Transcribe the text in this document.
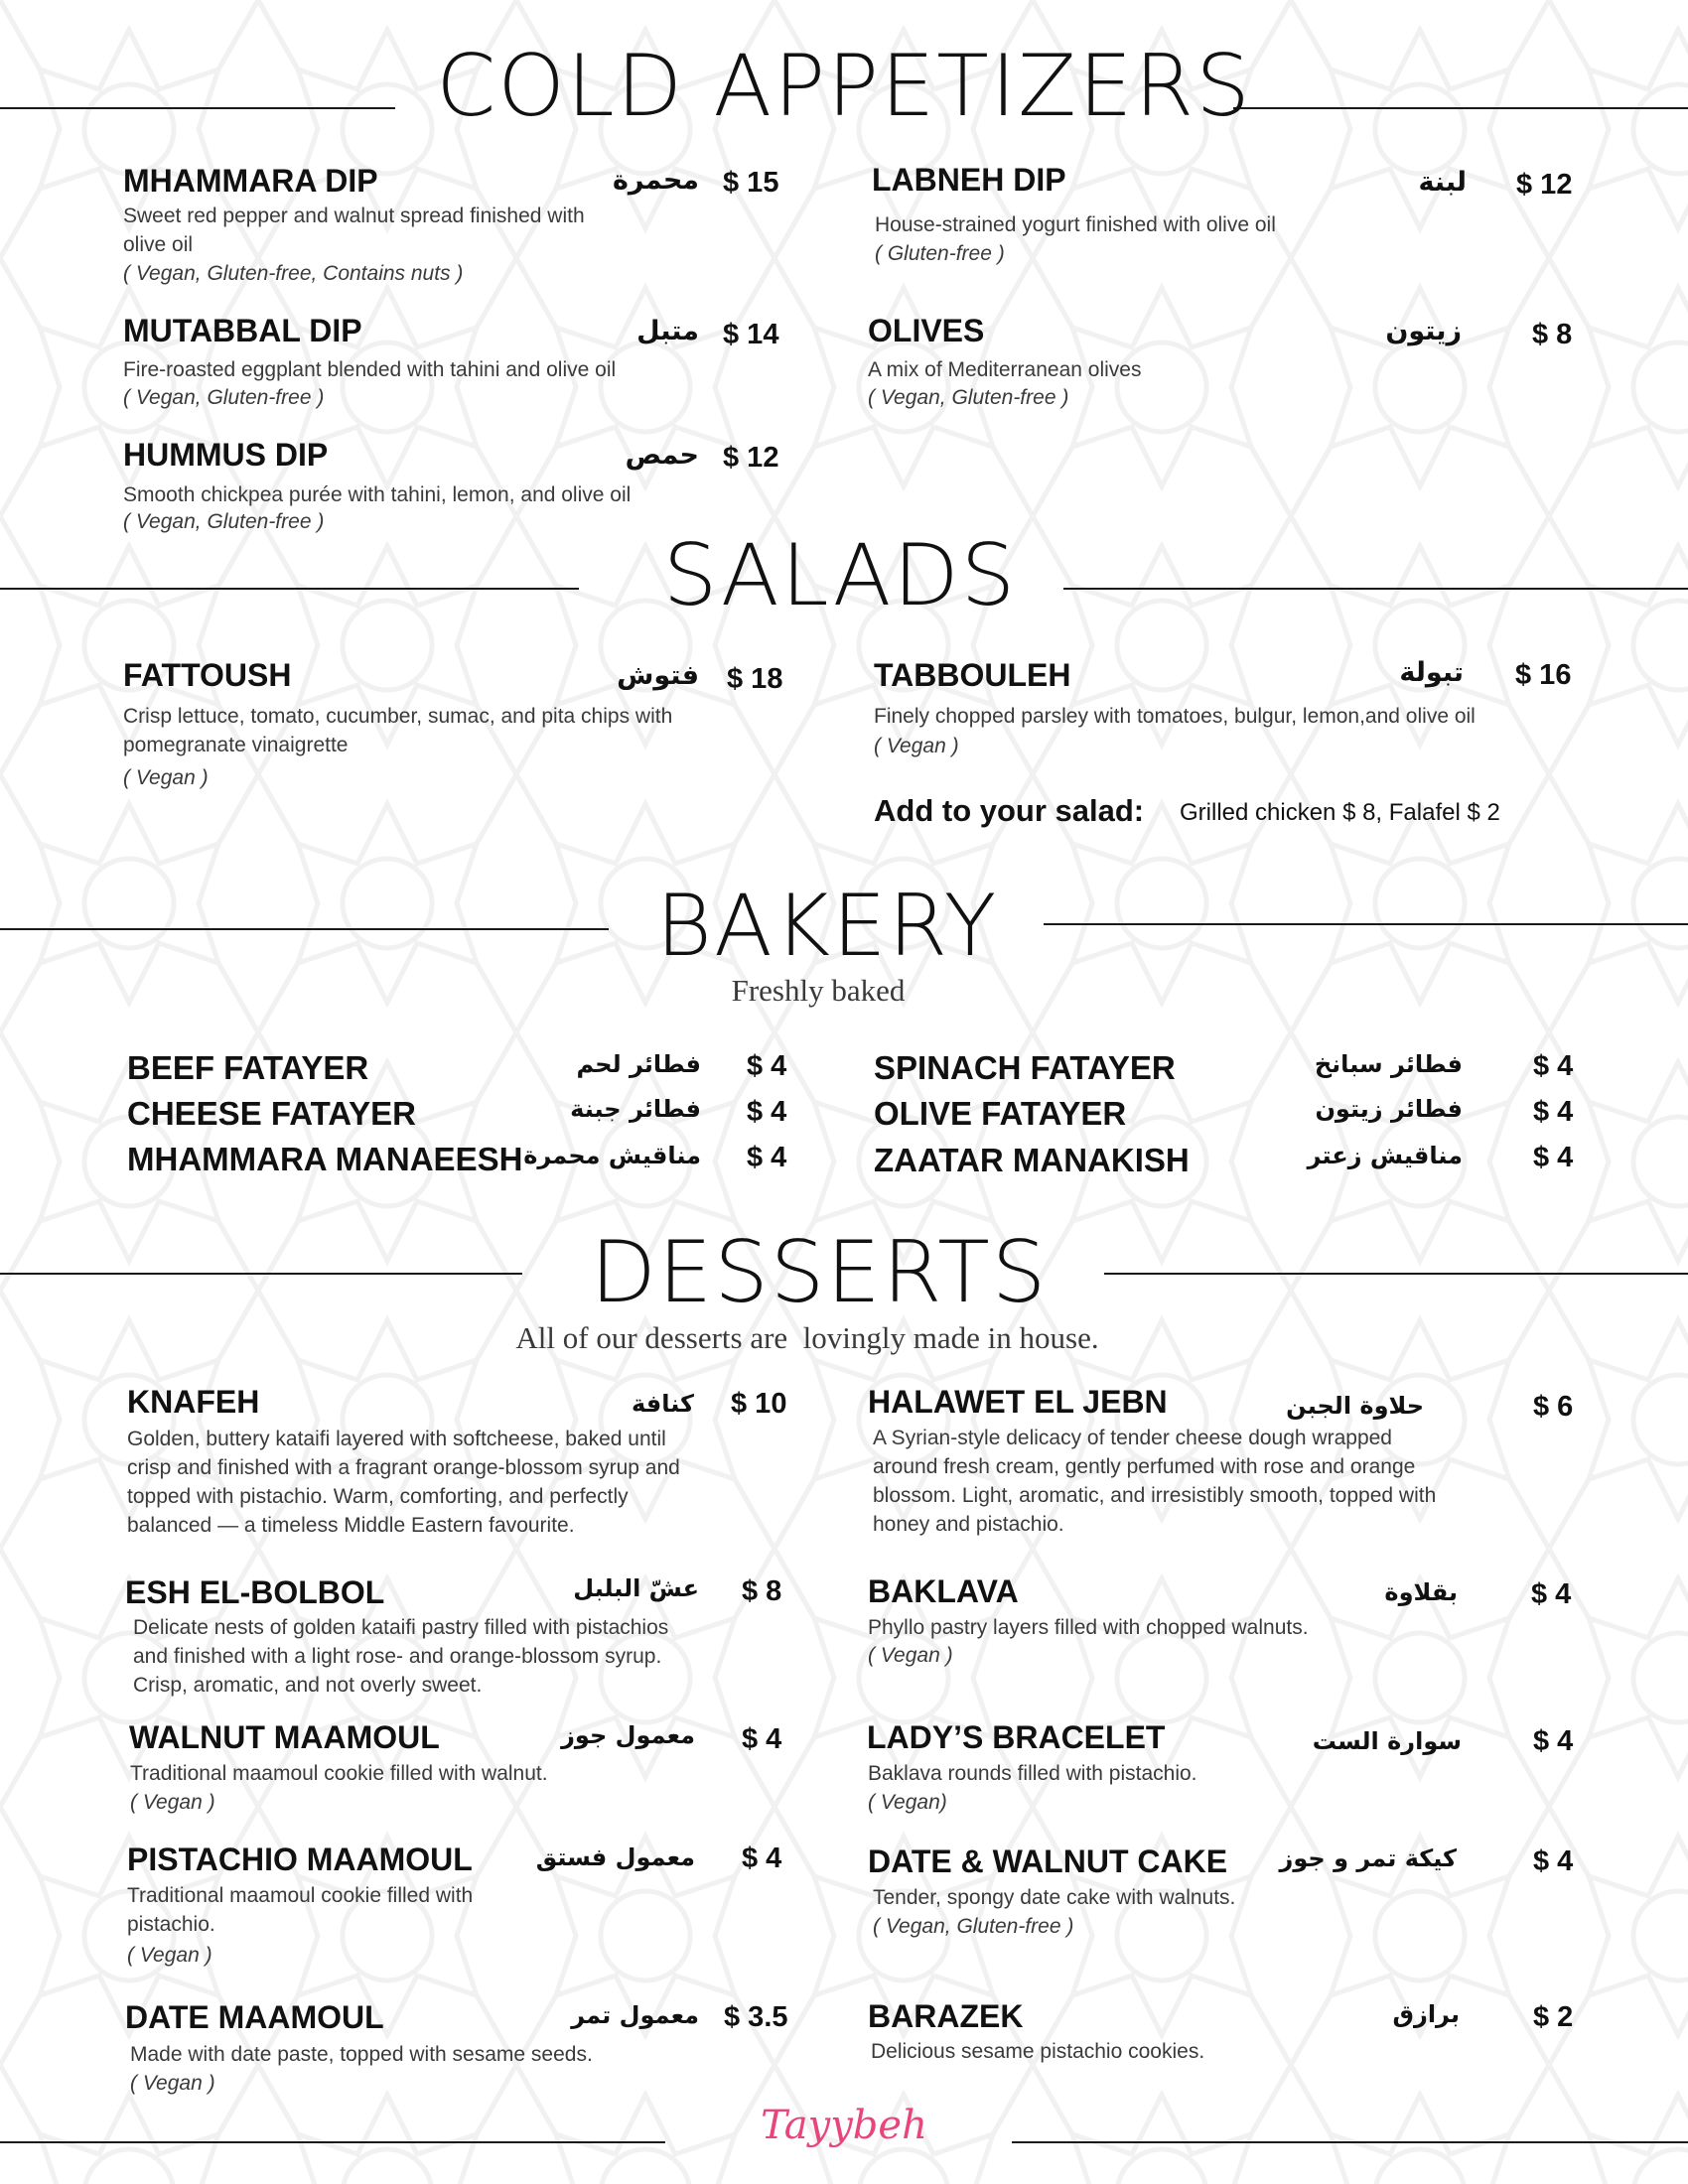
COLD APPETIZERS
MHAMMARA DIP	محمرة $ 15
Sweet red pepper and walnut spread finished with olive oil
( Vegan, Gluten-free, Contains nuts )
MUTABBAL DIP	متبل $ 14
Fire-roasted eggplant blended with tahini and olive oil
( Vegan, Gluten-free )
HUMMUS DIP	حمص $ 12
Smooth chickpea purée with tahini, lemon, and olive oil
( Vegan, Gluten-free )
LABNEH DIP	لبنة $ 12
House-strained yogurt finished with olive oil
( Gluten-free )
OLIVES	زيتون $ 8
A mix of Mediterranean olives
( Vegan, Gluten-free )
SALADS
FATTOUSH	فتوش $ 18
Crisp lettuce, tomato, cucumber, sumac, and pita chips with pomegranate vinaigrette
( Vegan )
TABBOULEH	تبولة $ 16
Finely chopped parsley with tomatoes, bulgur, lemon,and olive oil
( Vegan )
Add to your salad: Grilled chicken $ 8, Falafel $ 2
BAKERY
Freshly baked
BEEF FATAYER	فطائر لحم $ 4
CHEESE FATAYER	فطائر جبنة $ 4
MHAMMARA MANAEESH مناقيش محمرة $ 4
SPINACH FATAYER	فطائر سبانخ $ 4
OLIVE FATAYER	فطائر زيتون $ 4
ZAATAR MANAKISH	مناقيش زعتر $ 4
DESSERTS
All of our desserts are  lovingly made in house.
KNAFEH	كنافة $ 10
Golden, buttery kataifi layered with softcheese, baked until crisp and finished with a fragrant orange-blossom syrup and topped with pistachio. Warm, comforting, and perfectly balanced — a timeless Middle Eastern favourite.
ESH EL-BOLBOL	عشّ البلبل $ 8
Delicate nests of golden kataifi pastry filled with pistachios and finished with a light rose- and orange-blossom syrup. Crisp, aromatic, and not overly sweet.
WALNUT MAAMOUL	معمول جوز $ 4
Traditional maamoul cookie filled with walnut.
( Vegan )
PISTACHIO MAAMOUL	معمول فستق $ 4
Traditional maamoul cookie filled with pistachio.
( Vegan )
DATE MAAMOUL	معمول تمر $ 3.5
Made with date paste, topped with sesame seeds.
( Vegan )
HALAWET EL JEBN	حلاوة الجبن	$ 6
A Syrian-style delicacy of tender cheese dough wrapped around fresh cream, gently perfumed with rose and orange blossom. Light, aromatic, and irresistibly smooth, topped with honey and pistachio.
BAKLAVA	بقلاوة	$ 4
Phyllo pastry layers filled with chopped walnuts.
( Vegan )
LADY’S BRACELET	سوارة الست $ 4
Baklava rounds filled with pistachio.
( Vegan)
DATE & WALNUT CAKE كيكة تمر و جوز	$ 4
Tender, spongy date cake with walnuts.
( Vegan, Gluten-free )
BARAZEK	برازق	$ 2
Delicious sesame pistachio cookies.
Tayybeh
